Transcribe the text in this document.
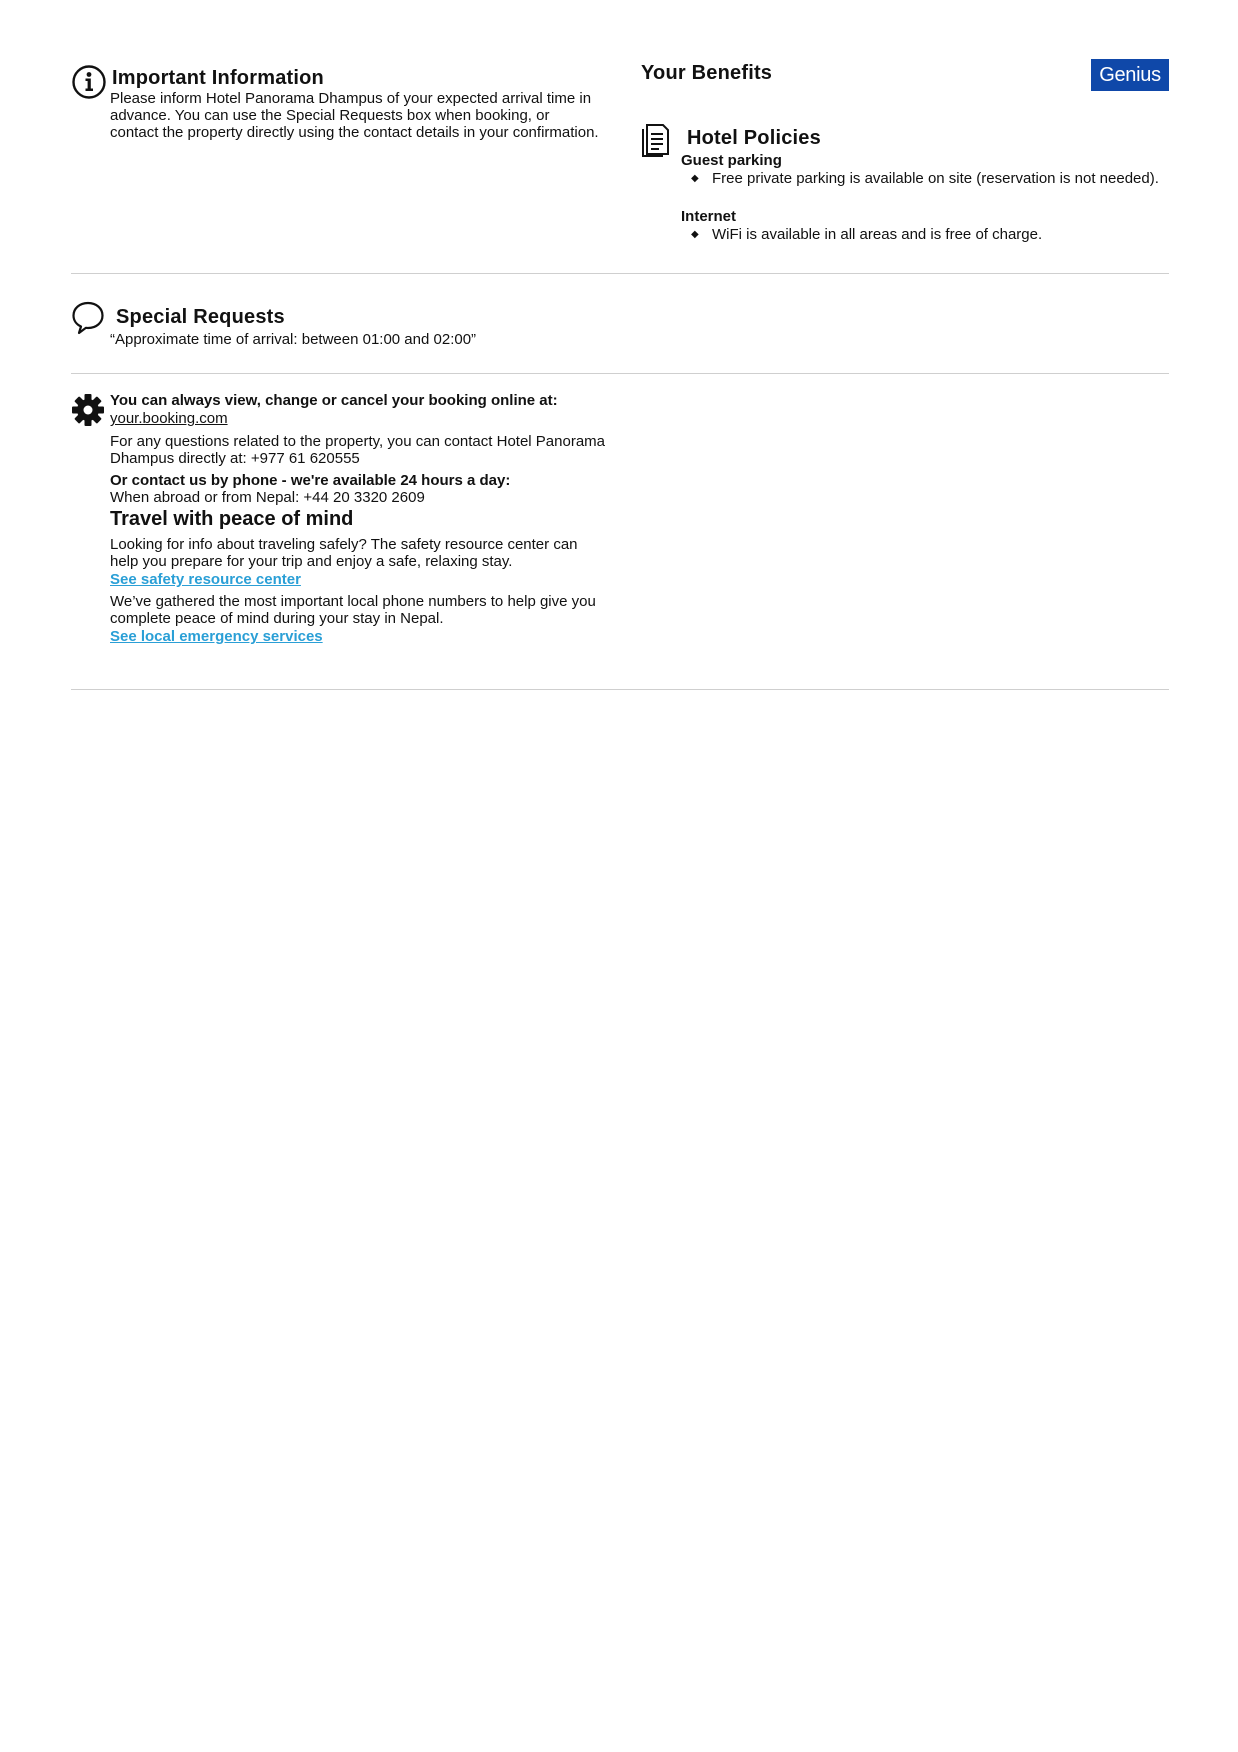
Important Information
Please inform Hotel Panorama Dhampus of your expected arrival time in advance. You can use the Special Requests box when booking, or contact the property directly using the contact details in your confirmation.
Your Benefits	Genius
Hotel Policies
Guest parking
◆ Free private parking is available on site (reservation is not needed).
Internet
◆ WiFi is available in all areas and is free of charge.
Special Requests
“Approximate time of arrival: between 01:00 and 02:00”
You can always view, change or cancel your booking online at:
your.booking.com
For any questions related to the property, you can contact Hotel Panorama Dhampus directly at: +977 61 620555
Or contact us by phone - we're available 24 hours a day:
When abroad or from Nepal: +44 20 3320 2609
Travel with peace of mind
Looking for info about traveling safely? The safety resource center can help you prepare for your trip and enjoy a safe, relaxing stay.
See safety resource center
We’ve gathered the most important local phone numbers to help give you complete peace of mind during your stay in Nepal.
See local emergency services
